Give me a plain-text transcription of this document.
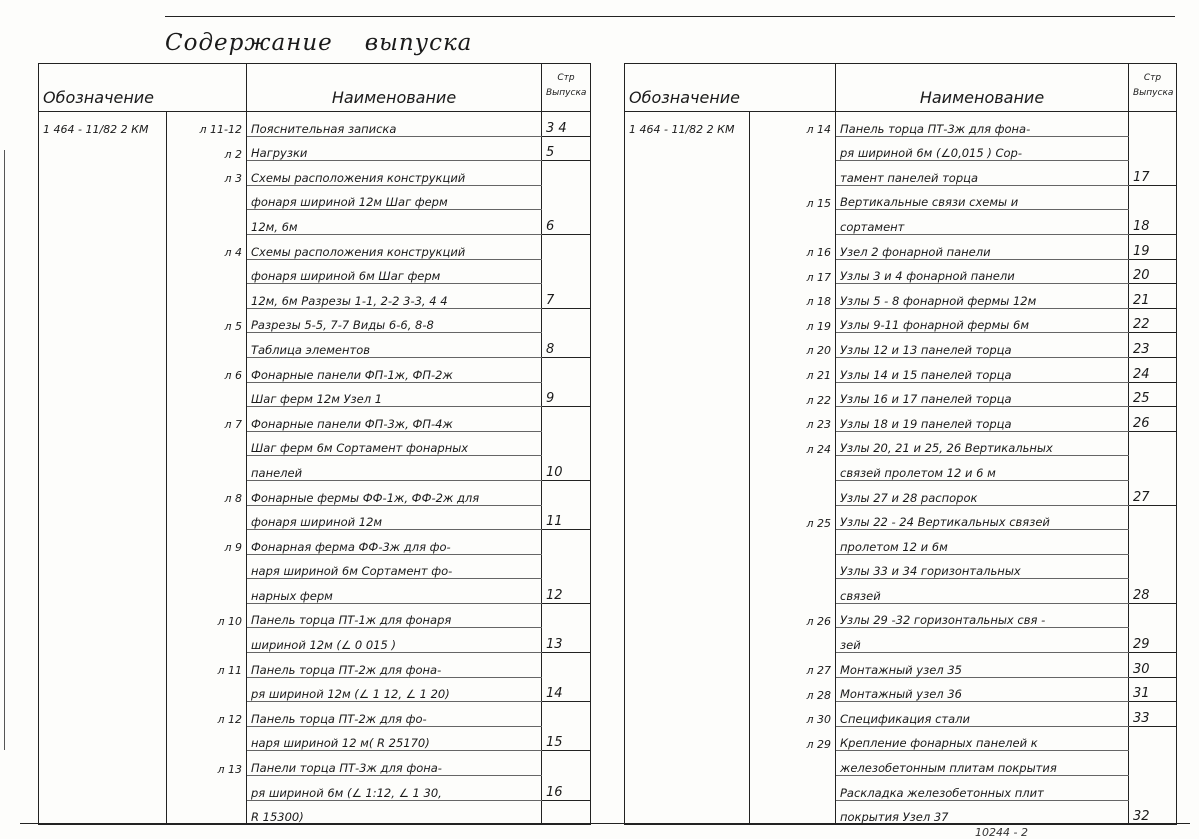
Содержание выпуска
Обозначение		Наименование	Стр
Выпуска
1 464 - 11/82 2 КМ	л 11-12	Пояснительная записка	3 4
	л 2	Нагрузки	5
	л 3	Схемы расположения конструкций	
		фонаря шириной 12м Шаг ферм	
		12м, 6м	6
	л 4	Схемы расположения конструкций	
		фонаря шириной 6м Шаг ферм	
		12м, 6м Разрезы 1-1, 2-2 3-3, 4 4	7
	л 5	Разрезы 5-5, 7-7 Виды 6-6, 8-8	
		Таблица элементов	8
	л 6	Фонарные панели ФП-1ж, ФП-2ж	
		Шаг ферм 12м Узел 1	9
	л 7	Фонарные панели ФП-3ж, ФП-4ж	
		Шаг ферм 6м Сортамент фонарных	
		панелей	10
	л 8	Фонарные фермы ФФ-1ж, ФФ-2ж для	
		фонаря шириной 12м	11
	л 9	Фонарная ферма ФФ-3ж для фо-	
		наря шириной 6м Сортамент фо-	
		нарных ферм	12
	л 10	Панель торца ПТ-1ж для фонаря	
		шириной 12м (∠ 0 015 )	13
	л 11	Панель торца ПТ-2ж для фона-	
		ря шириной 12м (∠ 1 12, ∠ 1 20)	14
	л 12	Панель торца ПТ-2ж для фо-	
		наря шириной 12 м( R 25170)	15
	л 13	Панели торца ПТ-3ж для фона-	
		ря шириной 6м (∠ 1:12, ∠ 1 30,	16
		R 15300)	
Обозначение		Наименование	Стр
Выпуска
1 464 - 11/82 2 КМ	л 14	Панель торца ПТ-3ж для фона-	
		ря шириной 6м (∠0,015 ) Сор-	
		тамент панелей торца	17
	л 15	Вертикальные связи схемы и	
		сортамент	18
	л 16	Узел 2 фонарной панели	19
	л 17	Узлы 3 и 4 фонарной панели	20
	л 18	Узлы 5 - 8 фонарной фермы 12м	21
	л 19	Узлы 9-11 фонарной фермы 6м	22
	л 20	Узлы 12 и 13 панелей торца	23
	л 21	Узлы 14 и 15 панелей торца	24
	л 22	Узлы 16 и 17 панелей торца	25
	л 23	Узлы 18 и 19 панелей торца	26
	л 24	Узлы 20, 21 и 25, 26 Вертикальных	
		связей пролетом 12 и 6 м	
		Узлы 27 и 28 распорок	27
	л 25	Узлы 22 - 24 Вертикальных связей	
		пролетом 12 и 6м	
		Узлы 33 и 34 горизонтальных	
		связей	28
	л 26	Узлы 29 -32 горизонтальных свя -	
		зей	29
	л 27	Монтажный узел 35	30
	л 28	Монтажный узел 36	31
	л 30	Спецификация стали	33
	л 29	Крепление фонарных панелей к	
		железобетонным плитам покрытия	
		Раскладка железобетонных плит	
		покрытия Узел 37	32
10244 - 2
